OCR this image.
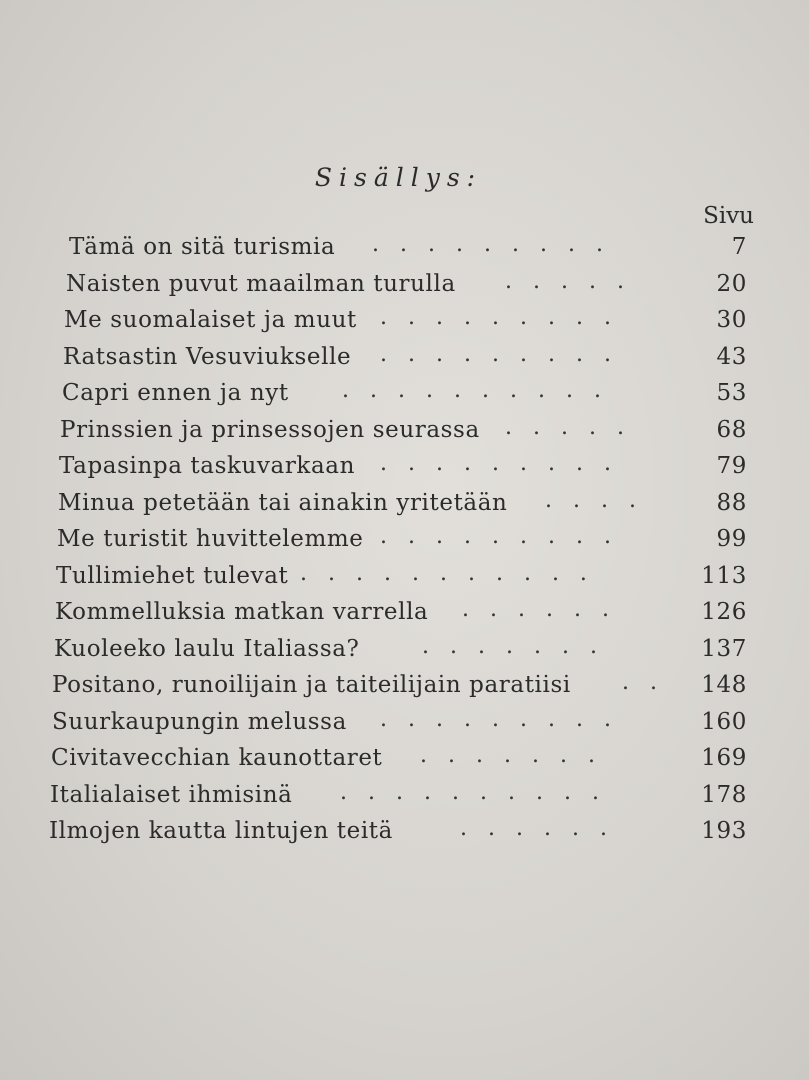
Sisällys:
Sivu
Tämä on sitä turismia .........	7
Naisten puvut maailman turulla .....	20
Me suomalaiset ja muut .........	30
Ratsastin Vesuviukselle .........	43
Capri ennen ja nyt ..........	53
Prinssien ja prinsessojen seurassa .....	68
Tapasinpa taskuvarkaan .........	79
Minua petetään tai ainakin yritetään ....	88
Me turistit huvittelemme .........	99
Tullimiehet tulevat ...........	113
Kommelluksia matkan varrella ......	126
Kuoleeko laulu Italiassa?	.......	137
Positano, runoilijain ja taiteilijain paratiisi .. 148
Suurkaupungin melussa .........	160
Civitavecchian kaunottaret .......	169
Italialaiset ihmisinä ..........	178
Ilmojen kautta lintujen teitä	......	193
